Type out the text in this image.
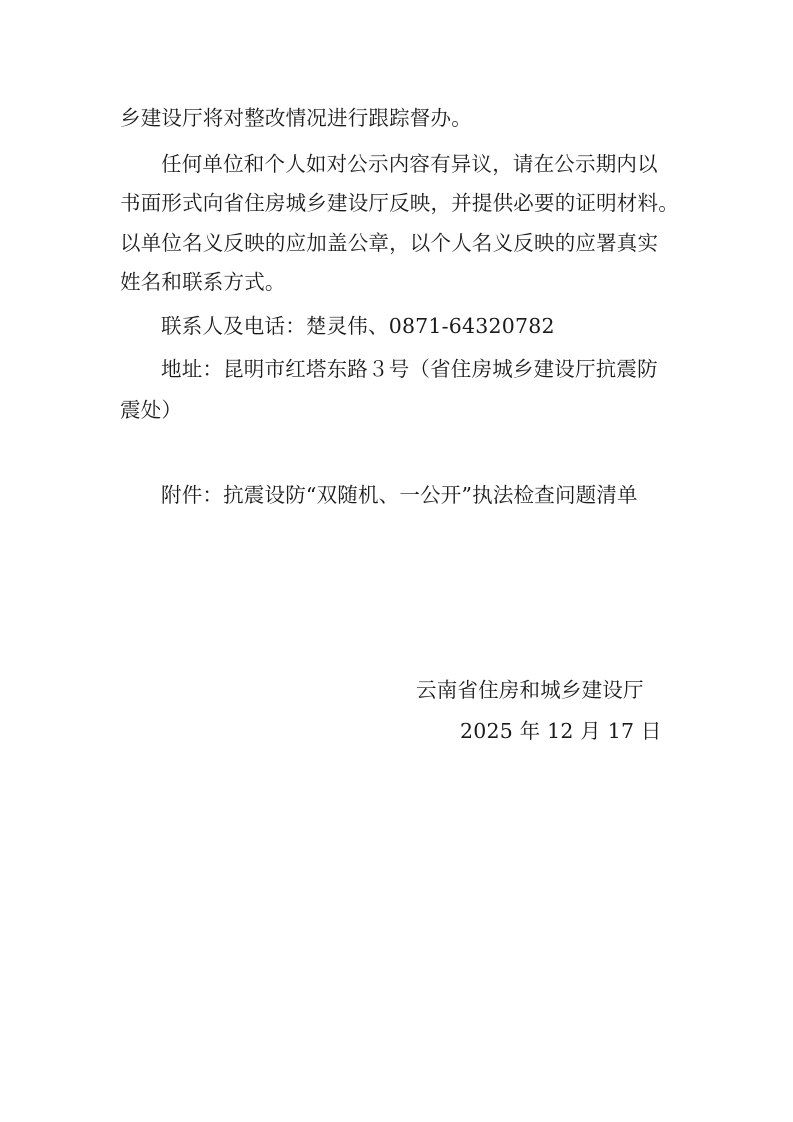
乡建设厅将对整改情况进行跟踪督办。
任何单位和个人如对公示内容有异议，请在公示期内以
书面形式向省住房城乡建设厅反映，并提供必要的证明材料。
以单位名义反映的应加盖公章，以个人名义反映的应署真实
姓名和联系方式。
联系人及电话：楚灵伟、0871-64320782
地址：昆明市红塔东路３号（省住房城乡建设厅抗震防
震处）
附件：抗震设防“双随机、一公开”执法检查问题清单
云南省住房和城乡建设厅
2025 年 12 月 17 日
